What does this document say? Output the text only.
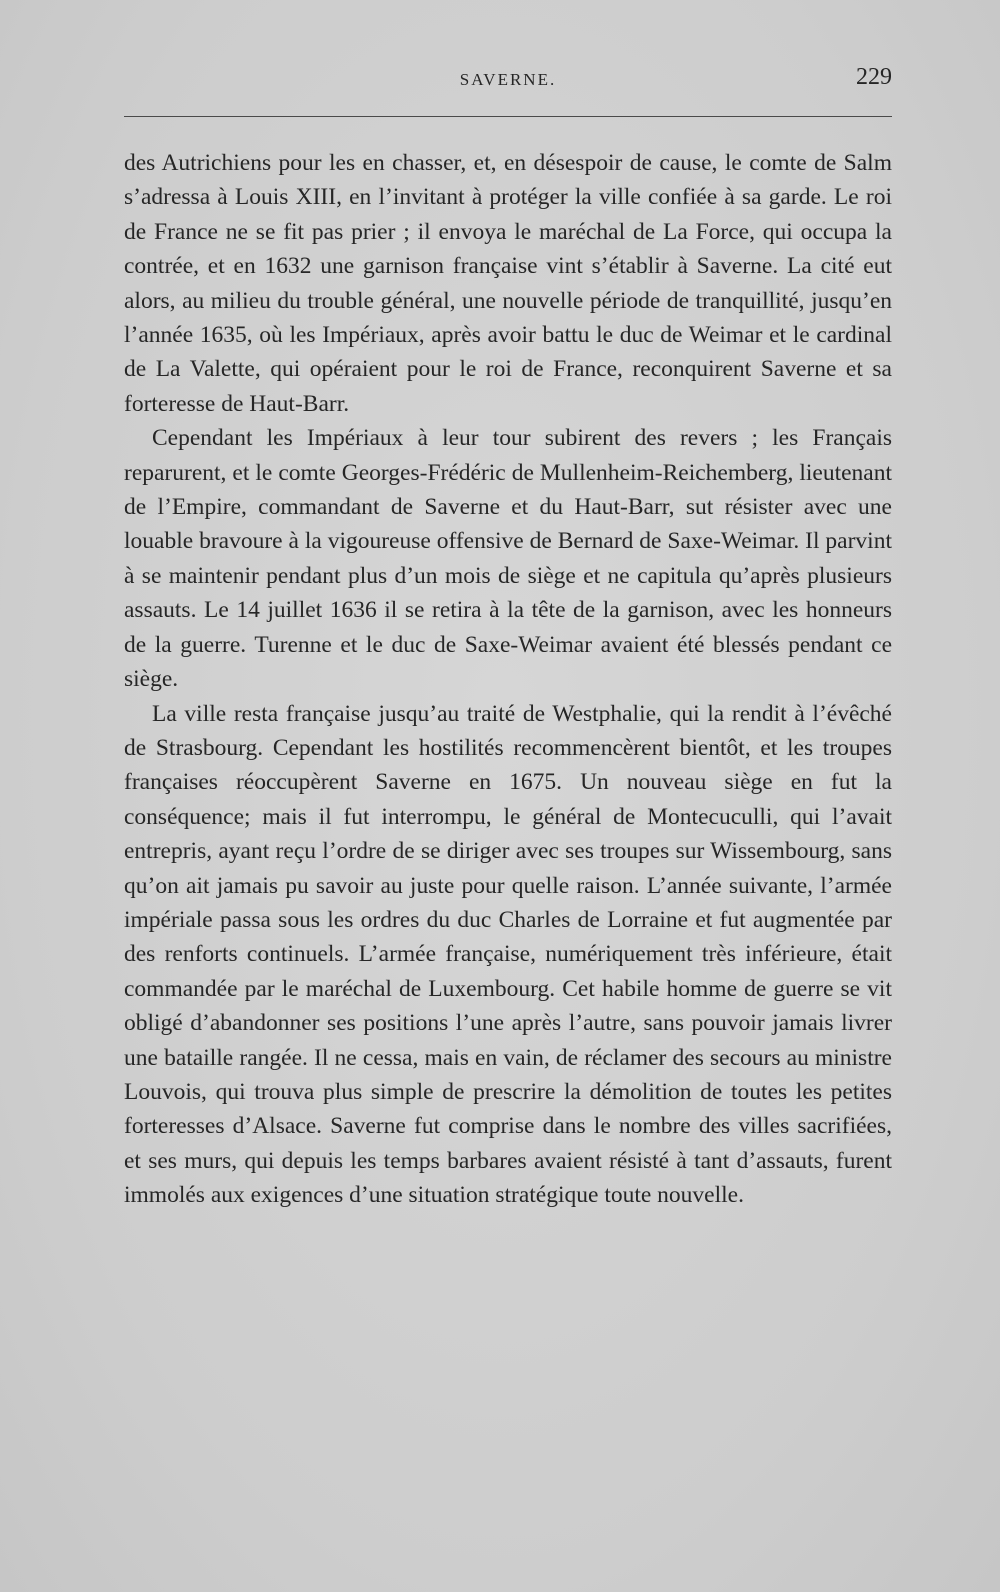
SAVERNE.	229

des Autrichiens pour les en chasser, et, en désespoir de cause, le comte de Salm s’adressa à Louis XIII, en l’invitant à protéger la ville confiée à sa garde. Le roi de France ne se fit pas prier ; il envoya le maréchal de La Force, qui occupa la contrée, et en 1632 une garnison française vint s’établir à Saverne. La cité eut alors, au milieu du trouble général, une nouvelle période de tranquillité, jusqu’en l’année 1635, où les Impériaux, après avoir battu le duc de Weimar et le cardinal de La Valette, qui opéraient pour le roi de France, reconquirent Saverne et sa forteresse de Haut-Barr.

Cependant les Impériaux à leur tour subirent des revers ; les Français reparurent, et le comte Georges-Frédéric de Mullenheim-Reichemberg, lieutenant de l’Empire, commandant de Saverne et du Haut-Barr, sut résister avec une louable bravoure à la vigoureuse offensive de Bernard de Saxe-Weimar. Il parvint à se maintenir pendant plus d’un mois de siège et ne capitula qu’après plusieurs assauts. Le 14 juillet 1636 il se retira à la tête de la garnison, avec les honneurs de la guerre. Turenne et le duc de Saxe-Weimar avaient été blessés pendant ce siège.

La ville resta française jusqu’au traité de Westphalie, qui la rendit à l’évêché de Strasbourg. Cependant les hostilités recommencèrent bientôt, et les troupes françaises réoccupèrent Saverne en 1675. Un nouveau siège en fut la conséquence; mais il fut interrompu, le général de Montecuculli, qui l’avait entrepris, ayant reçu l’ordre de se diriger avec ses troupes sur Wissembourg, sans qu’on ait jamais pu savoir au juste pour quelle raison. L’année suivante, l’armée impériale passa sous les ordres du duc Charles de Lorraine et fut augmentée par des renforts continuels. L’armée française, numériquement très inférieure, était commandée par le maréchal de Luxembourg. Cet habile homme de guerre se vit obligé d’abandonner ses positions l’une après l’autre, sans pouvoir jamais livrer une bataille rangée. Il ne cessa, mais en vain, de réclamer des secours au ministre Louvois, qui trouva plus simple de prescrire la démolition de toutes les petites forteresses d’Alsace. Saverne fut comprise dans le nombre des villes sacrifiées, et ses murs, qui depuis les temps barbares avaient résisté à tant d’assauts, furent immolés aux exigences d’une situation stratégique toute nouvelle.
